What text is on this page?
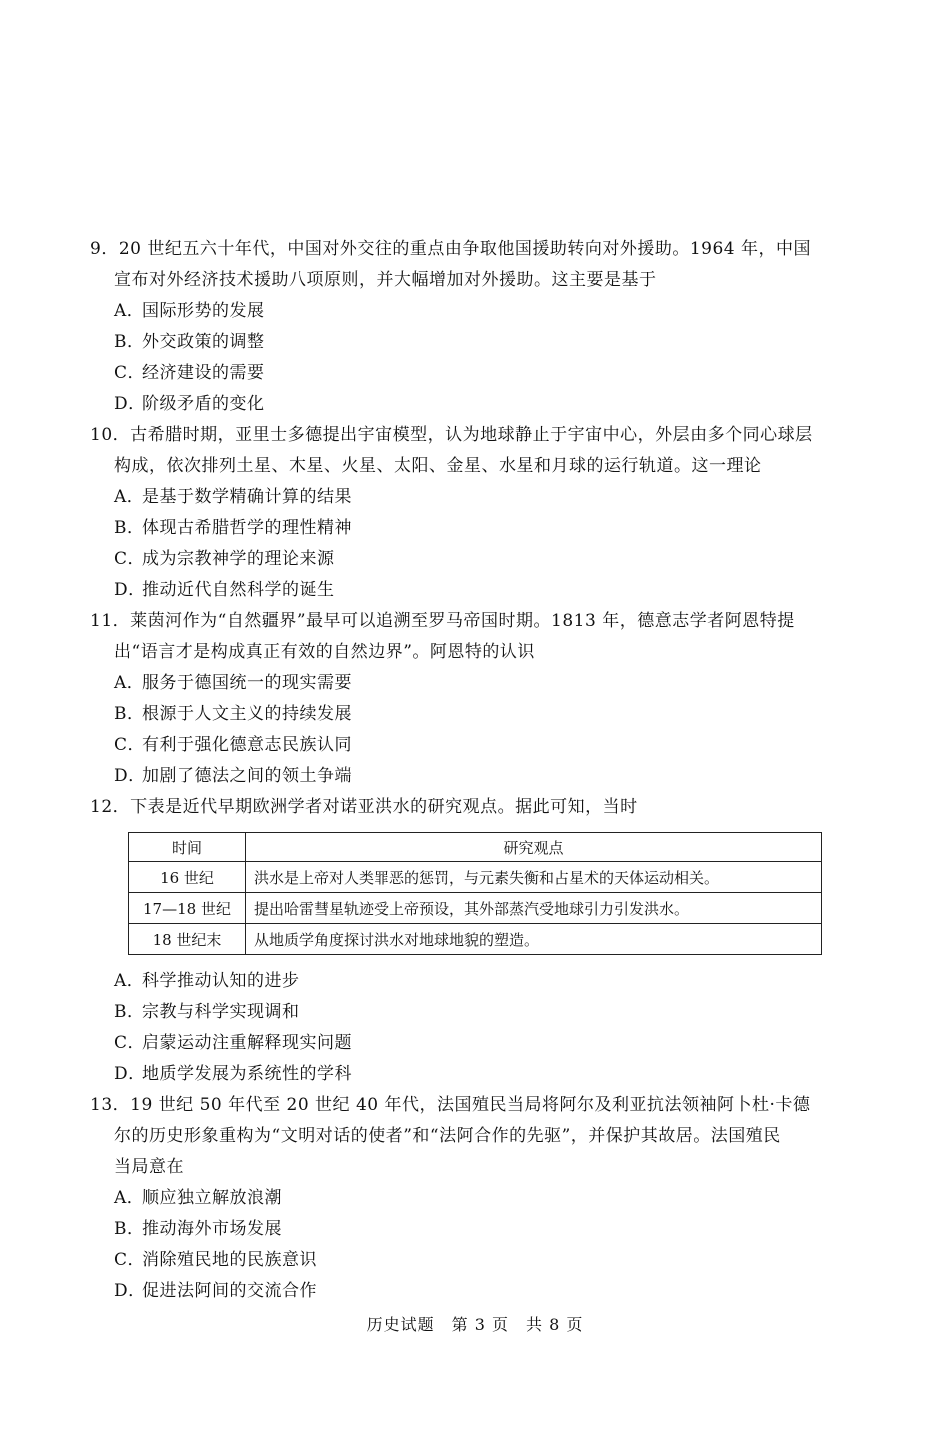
9．20 世纪五六十年代，中国对外交往的重点由争取他国援助转向对外援助。1964 年，中国
宣布对外经济技术援助八项原则，并大幅增加对外援助。这主要是基于
A．国际形势的发展
B．外交政策的调整
C．经济建设的需要
D．阶级矛盾的变化
10．古希腊时期，亚里士多德提出宇宙模型，认为地球静止于宇宙中心，外层由多个同心球层
构成，依次排列土星、木星、火星、太阳、金星、水星和月球的运行轨道。这一理论
A．是基于数学精确计算的结果
B．体现古希腊哲学的理性精神
C．成为宗教神学的理论来源
D．推动近代自然科学的诞生
11．莱茵河作为“自然疆界”最早可以追溯至罗马帝国时期。1813 年，德意志学者阿恩特提
出“语言才是构成真正有效的自然边界”。阿恩特的认识
A．服务于德国统一的现实需要
B．根源于人文主义的持续发展
C．有利于强化德意志民族认同
D．加剧了德法之间的领土争端
12．下表是近代早期欧洲学者对诺亚洪水的研究观点。据此可知，当时
时间	研究观点
16 世纪	洪水是上帝对人类罪恶的惩罚，与元素失衡和占星术的天体运动相关。
17—18 世纪	提出哈雷彗星轨迹受上帝预设，其外部蒸汽受地球引力引发洪水。
18 世纪末	从地质学角度探讨洪水对地球地貌的塑造。
A．科学推动认知的进步
B．宗教与科学实现调和
C．启蒙运动注重解释现实问题
D．地质学发展为系统性的学科
13．19 世纪 50 年代至 20 世纪 40 年代，法国殖民当局将阿尔及利亚抗法领袖阿卜杜·卡德
尔的历史形象重构为“文明对话的使者”和“法阿合作的先驱”，并保护其故居。法国殖民
当局意在
A．顺应独立解放浪潮
B．推动海外市场发展
C．消除殖民地的民族意识
D．促进法阿间的交流合作
历史试题　第 3 页　共 8 页
